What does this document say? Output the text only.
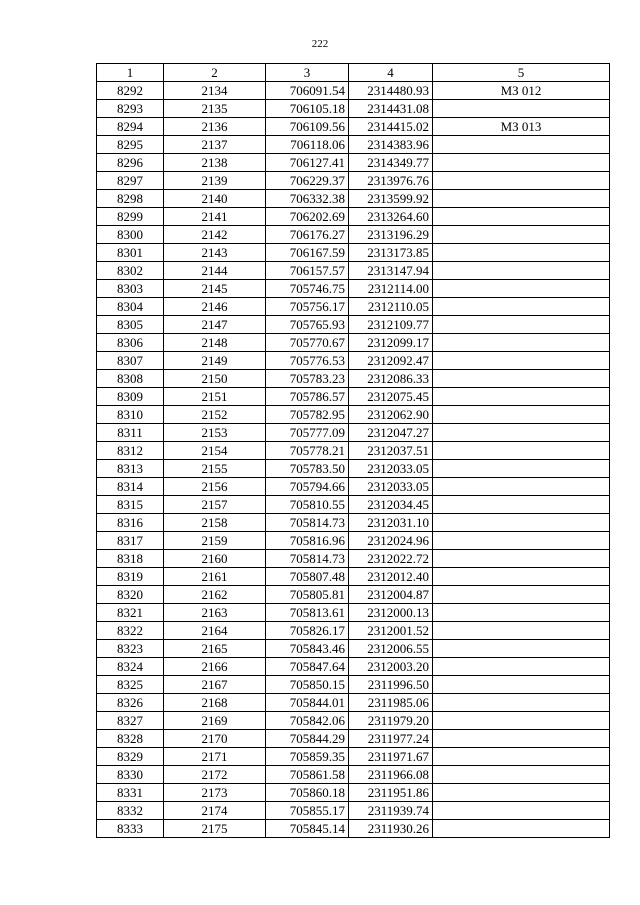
222
1	2	3	4	5
8292	2134	706091.54	2314480.93	МЗ 012
8293	2135	706105.18	2314431.08	
8294	2136	706109.56	2314415.02	МЗ 013
8295	2137	706118.06	2314383.96	
8296	2138	706127.41	2314349.77	
8297	2139	706229.37	2313976.76	
8298	2140	706332.38	2313599.92	
8299	2141	706202.69	2313264.60	
8300	2142	706176.27	2313196.29	
8301	2143	706167.59	2313173.85	
8302	2144	706157.57	2313147.94	
8303	2145	705746.75	2312114.00	
8304	2146	705756.17	2312110.05	
8305	2147	705765.93	2312109.77	
8306	2148	705770.67	2312099.17	
8307	2149	705776.53	2312092.47	
8308	2150	705783.23	2312086.33	
8309	2151	705786.57	2312075.45	
8310	2152	705782.95	2312062.90	
8311	2153	705777.09	2312047.27	
8312	2154	705778.21	2312037.51	
8313	2155	705783.50	2312033.05	
8314	2156	705794.66	2312033.05	
8315	2157	705810.55	2312034.45	
8316	2158	705814.73	2312031.10	
8317	2159	705816.96	2312024.96	
8318	2160	705814.73	2312022.72	
8319	2161	705807.48	2312012.40	
8320	2162	705805.81	2312004.87	
8321	2163	705813.61	2312000.13	
8322	2164	705826.17	2312001.52	
8323	2165	705843.46	2312006.55	
8324	2166	705847.64	2312003.20	
8325	2167	705850.15	2311996.50	
8326	2168	705844.01	2311985.06	
8327	2169	705842.06	2311979.20	
8328	2170	705844.29	2311977.24	
8329	2171	705859.35	2311971.67	
8330	2172	705861.58	2311966.08	
8331	2173	705860.18	2311951.86	
8332	2174	705855.17	2311939.74	
8333	2175	705845.14	2311930.26	
